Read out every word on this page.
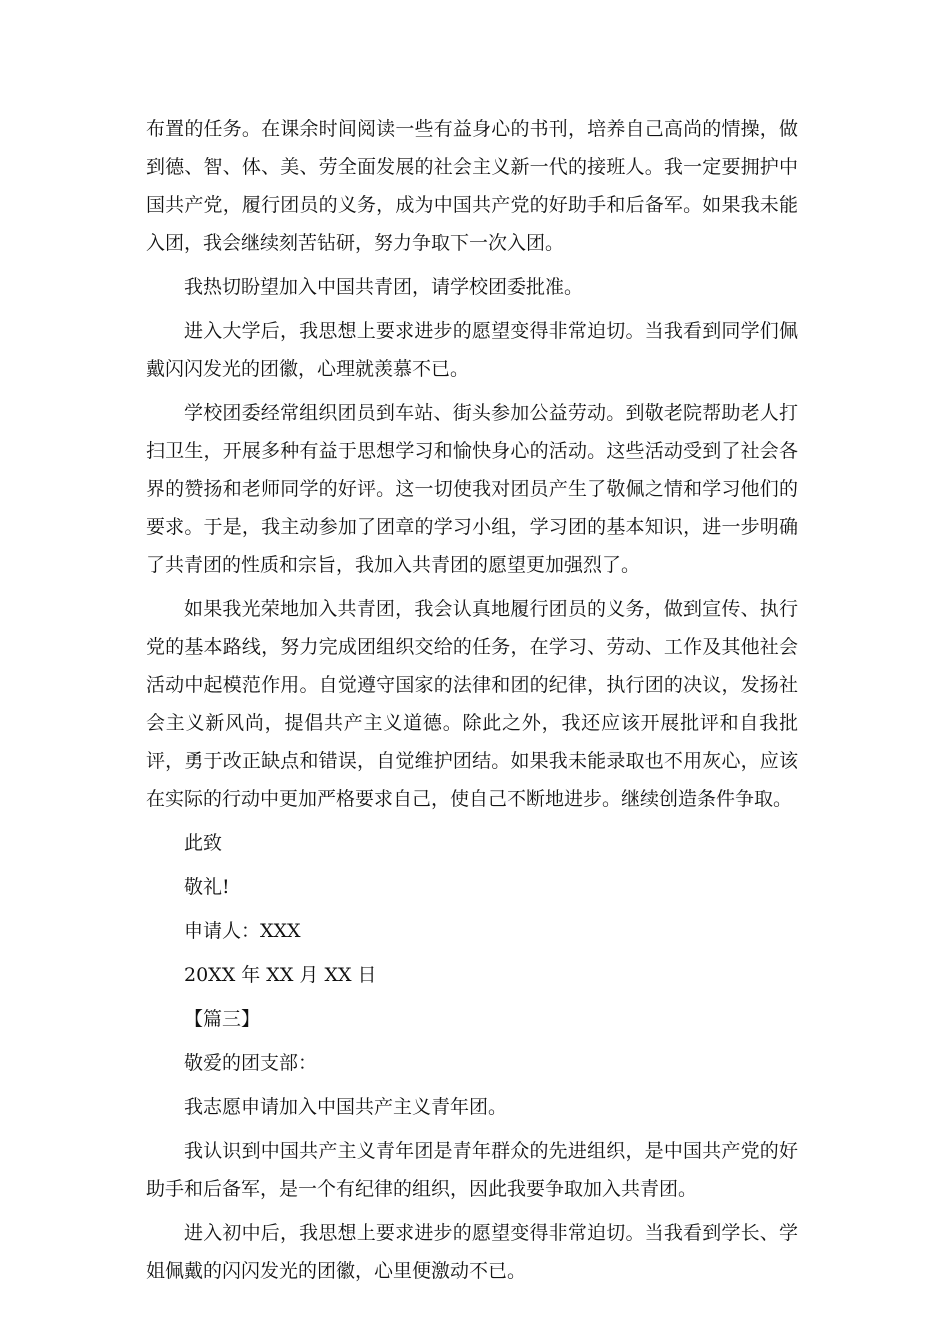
布置的任务。在课余时间阅读一些有益身心的书刊，培养自己高尚的情操，做到德、智、体、美、劳全面发展的社会主义新一代的接班人。我一定要拥护中国共产党，履行团员的义务，成为中国共产党的好助手和后备军。如果我未能入团，我会继续刻苦钻研，努力争取下一次入团。

我热切盼望加入中国共青团，请学校团委批准。

进入大学后，我思想上要求进步的愿望变得非常迫切。当我看到同学们佩戴闪闪发光的团徽，心理就羡慕不已。

学校团委经常组织团员到车站、街头参加公益劳动。到敬老院帮助老人打扫卫生，开展多种有益于思想学习和愉快身心的活动。这些活动受到了社会各界的赞扬和老师同学的好评。这一切使我对团员产生了敬佩之情和学习他们的要求。于是，我主动参加了团章的学习小组，学习团的基本知识，进一步明确了共青团的性质和宗旨，我加入共青团的愿望更加强烈了。

如果我光荣地加入共青团，我会认真地履行团员的义务，做到宣传、执行党的基本路线，努力完成团组织交给的任务，在学习、劳动、工作及其他社会活动中起模范作用。自觉遵守国家的法律和团的纪律，执行团的决议，发扬社会主义新风尚，提倡共产主义道德。除此之外，我还应该开展批评和自我批评，勇于改正缺点和错误，自觉维护团结。如果我未能录取也不用灰心，应该在实际的行动中更加严格要求自己，使自己不断地进步。继续创造条件争取。

此致

敬礼!

申请人：XXX

20XX 年 XX 月 XX 日

【篇三】

敬爱的团支部：

我志愿申请加入中国共产主义青年团。

我认识到中国共产主义青年团是青年群众的先进组织，是中国共产党的好助手和后备军，是一个有纪律的组织，因此我要争取加入共青团。

进入初中后，我思想上要求进步的愿望变得非常迫切。当我看到学长、学姐佩戴的闪闪发光的团徽，心里便激动不已。
